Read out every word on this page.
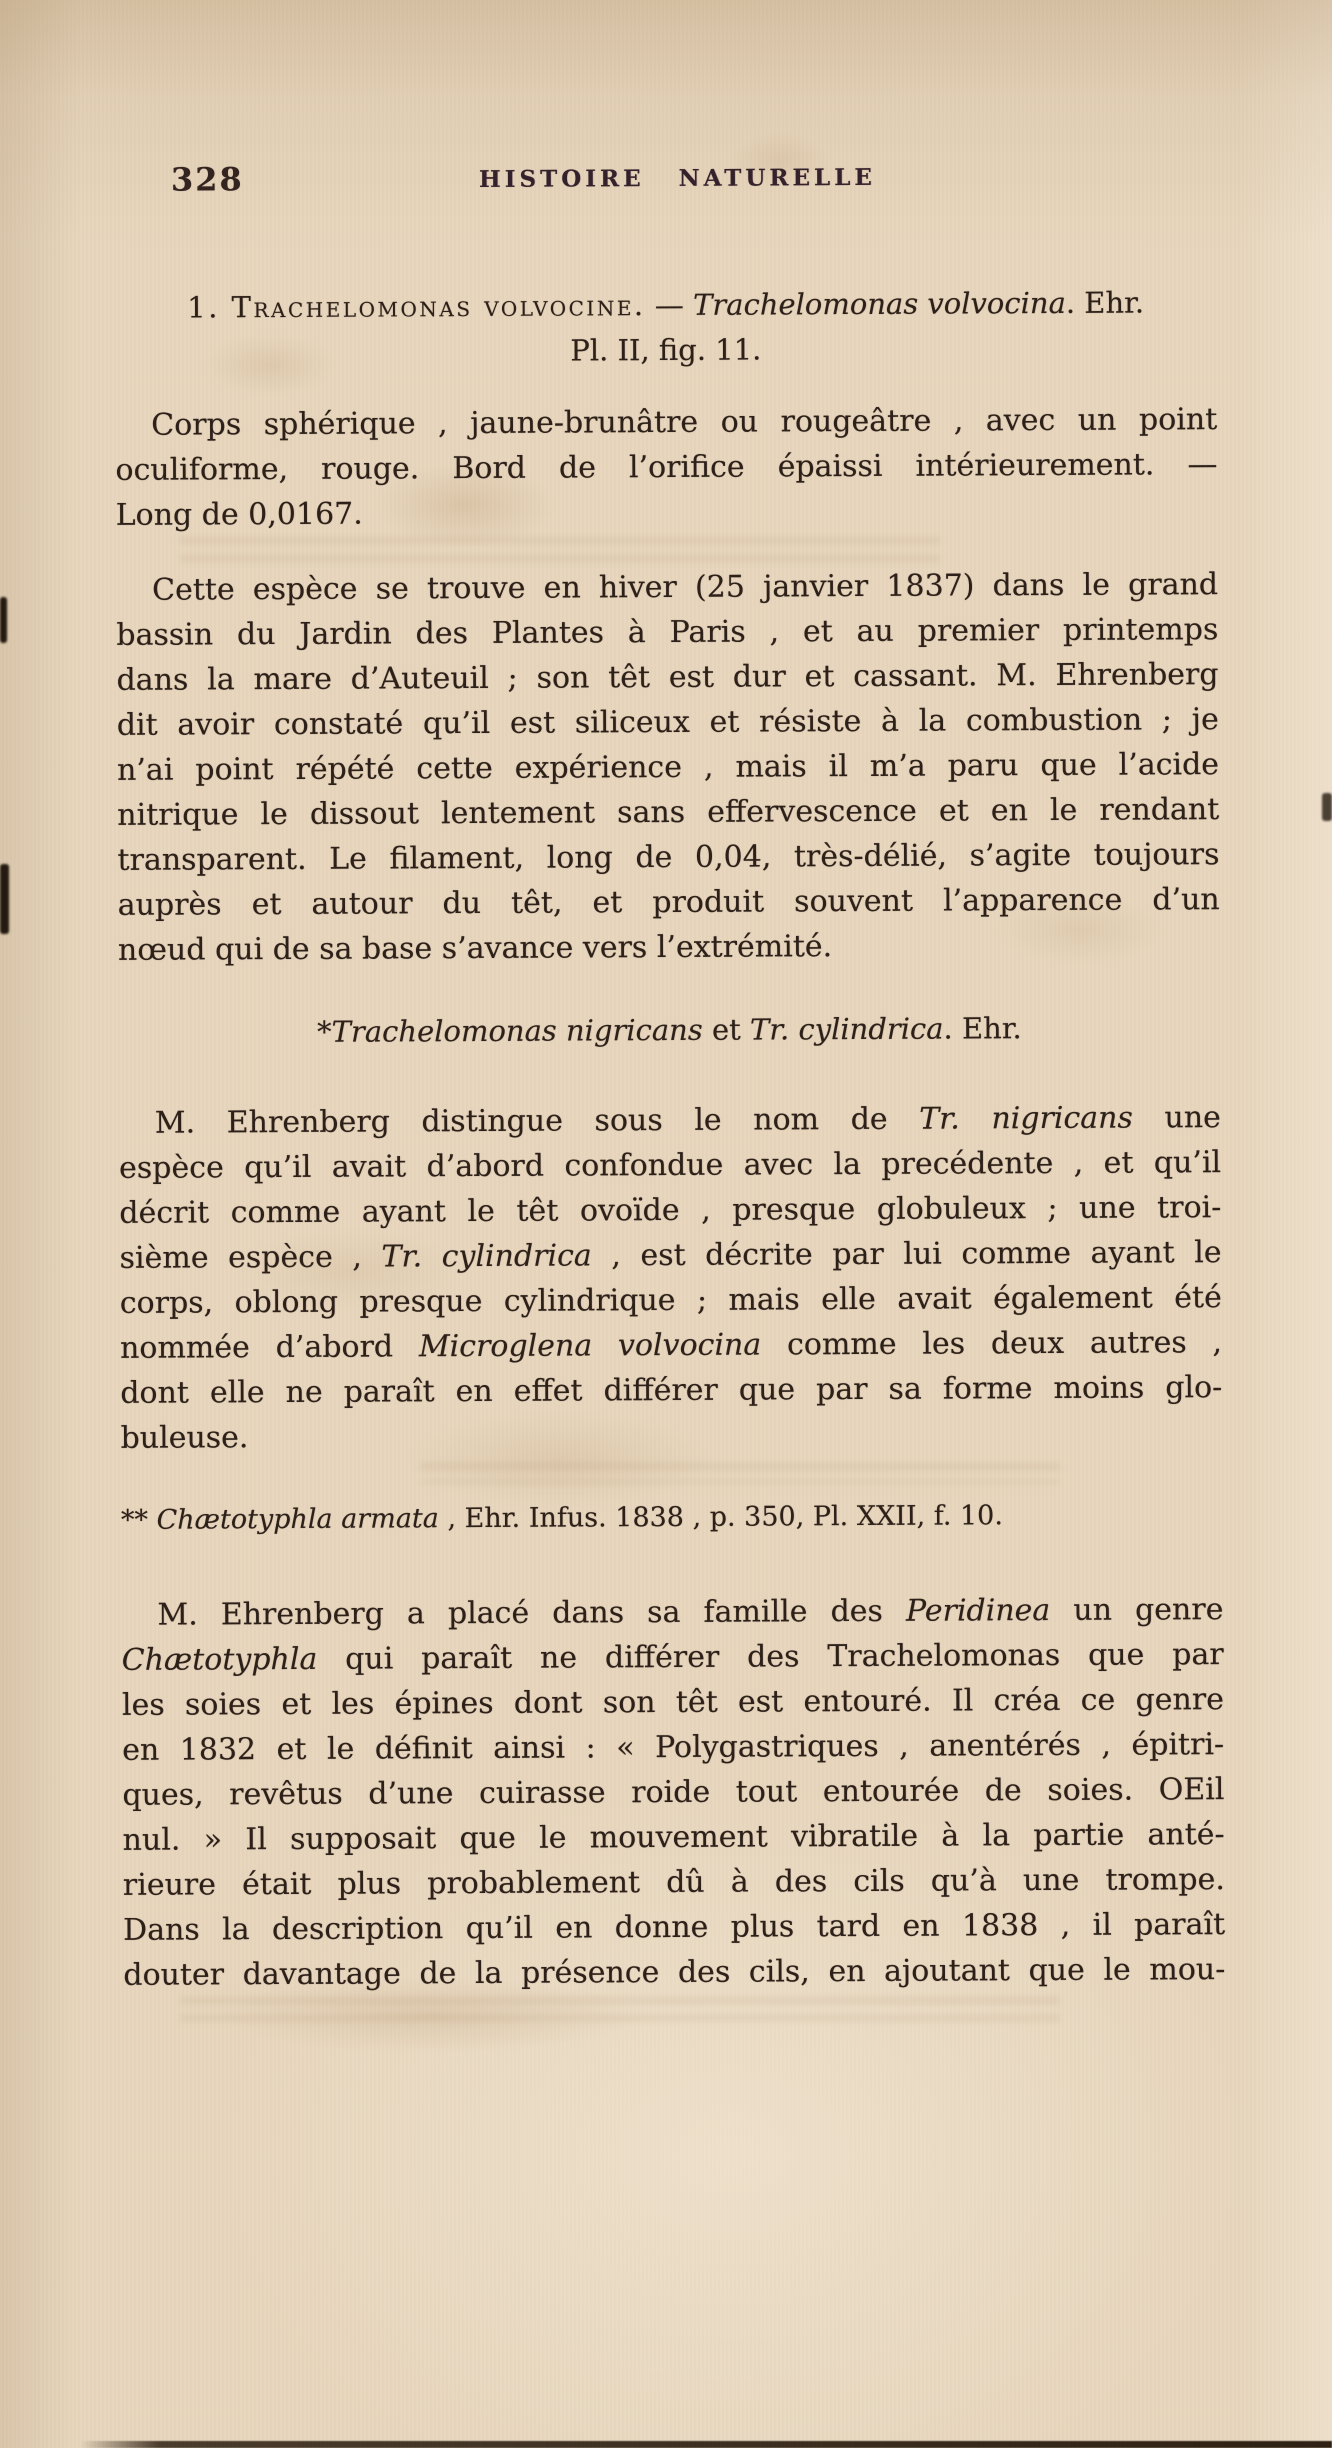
328	HISTOIRE NATURELLE
1. Trachelomonas volvocine. — Trachelomonas volvocina. Ehr.
Pl. II, fig. 11.
Corps sphérique , jaune-brunâtre ou rougeâtre , avec un point
oculiforme, rouge. Bord de l’orifice épaissi intérieurement. —
Long de 0,0167.
Cette espèce se trouve en hiver (25 janvier 1837) dans le grand
bassin du Jardin des Plantes à Paris , et au premier printemps
dans la mare d’Auteuil ; son têt est dur et cassant. M. Ehrenberg
dit avoir constaté qu’il est siliceux et résiste à la combustion ; je
n’ai point répété cette expérience , mais il m’a paru que l’acide
nitrique le dissout lentement sans effervescence et en le rendant
transparent. Le filament, long de 0,04, très-délié, s’agite toujours
auprès et autour du têt, et produit souvent l’apparence d’un
nœud qui de sa base s’avance vers l’extrémité.
*Trachelomonas nigricans et Tr. cylindrica. Ehr.
M. Ehrenberg distingue sous le nom de Tr. nigricans une
espèce qu’il avait d’abord confondue avec la precédente , et qu’il
décrit comme ayant le têt ovoïde , presque globuleux ; une troi-
sième espèce , Tr. cylindrica , est décrite par lui comme ayant le
corps, oblong presque cylindrique ; mais elle avait également été
nommée d’abord Microglena volvocina comme les deux autres ,
dont elle ne paraît en effet différer que par sa forme moins glo-
buleuse.
** Chætotyphla armata , Ehr. Infus. 1838 , p. 350, Pl. XXII, f. 10.
M. Ehrenberg a placé dans sa famille des Peridinea un genre
Chætotyphla qui paraît ne différer des Trachelomonas que par
les soies et les épines dont son têt est entouré. Il créa ce genre
en 1832 et le définit ainsi : « Polygastriques , anentérés , épitri-
ques, revêtus d’une cuirasse roide tout entourée de soies. OEil
nul. » Il supposait que le mouvement vibratile à la partie anté-
rieure était plus probablement dû à des cils qu’à une trompe.
Dans la description qu’il en donne plus tard en 1838 , il paraît
douter davantage de la présence des cils, en ajoutant que le mou-
